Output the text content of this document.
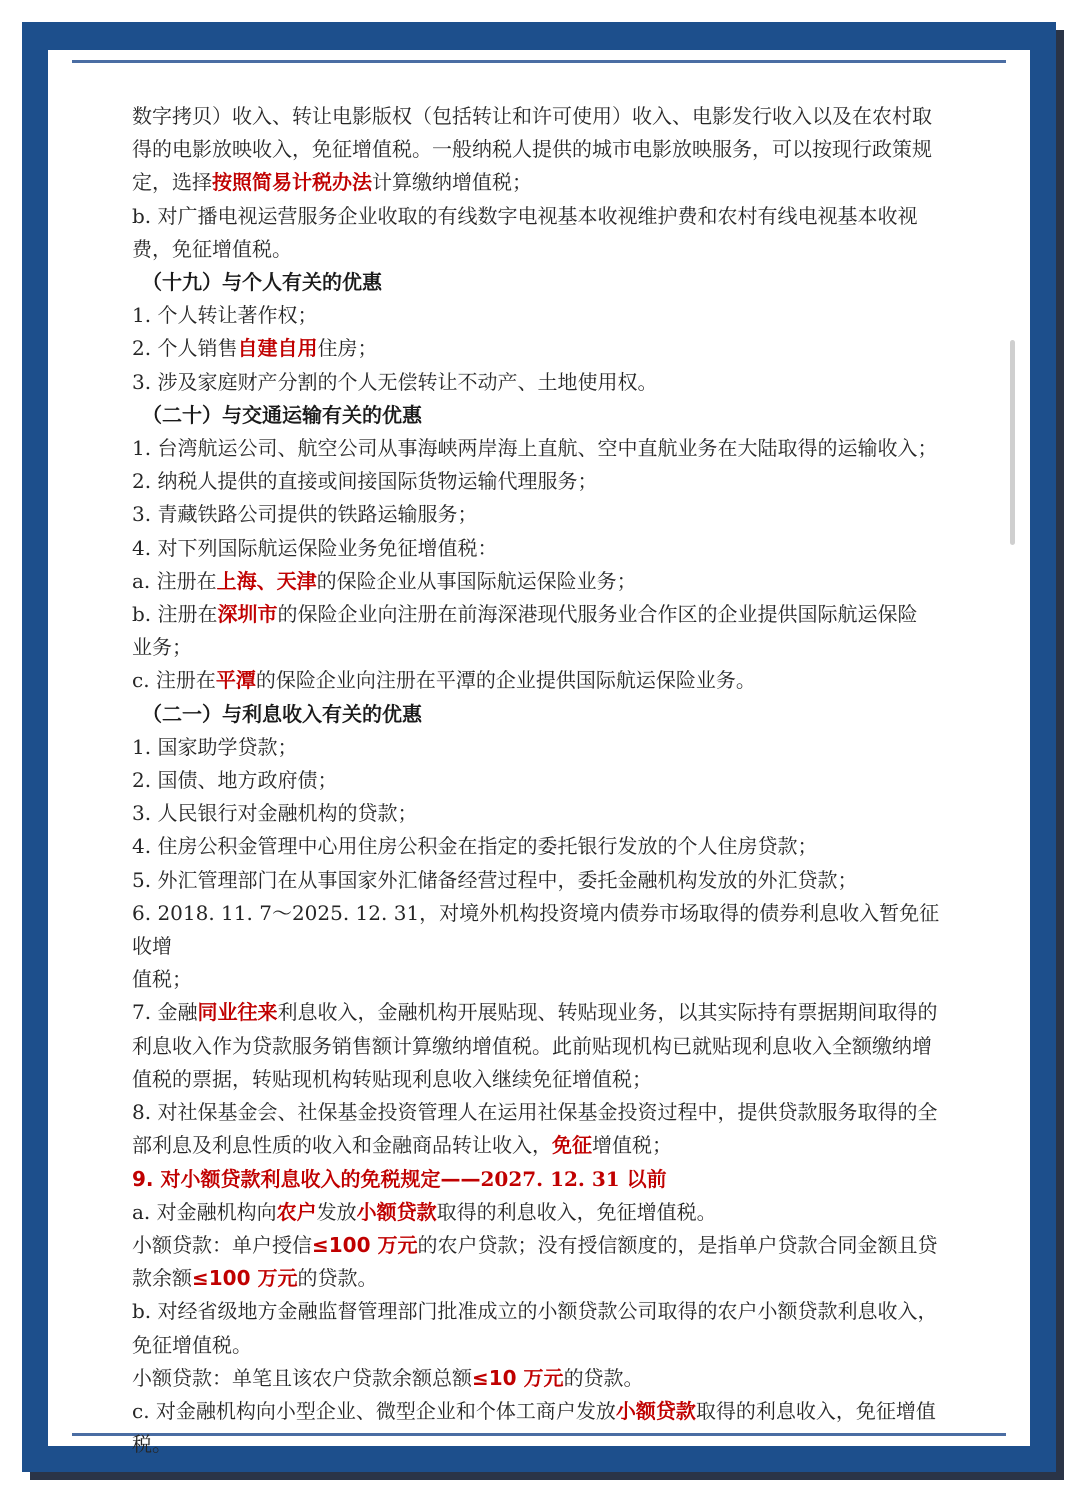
数字拷贝）收入、转让电影版权（包括转让和许可使用）收入、电影发行收入以及在农村取

得的电影放映收入，免征增值税。一般纳税人提供的城市电影放映服务，可以按现行政策规

定，选择按照简易计税办法计算缴纳增值税；

b. 对广播电视运营服务企业收取的有线数字电视基本收视维护费和农村有线电视基本收视

费，免征增值税。

（十九）与个人有关的优惠

1. 个人转让著作权；

2. 个人销售自建自用住房；

3. 涉及家庭财产分割的个人无偿转让不动产、土地使用权。

（二十）与交通运输有关的优惠

1. 台湾航运公司、航空公司从事海峡两岸海上直航、空中直航业务在大陆取得的运输收入；

2. 纳税人提供的直接或间接国际货物运输代理服务；

3. 青藏铁路公司提供的铁路运输服务；

4. 对下列国际航运保险业务免征增值税：

a. 注册在上海、天津的保险企业从事国际航运保险业务；

b. 注册在深圳市的保险企业向注册在前海深港现代服务业合作区的企业提供国际航运保险

业务；

c. 注册在平潭的保险企业向注册在平潭的企业提供国际航运保险业务。

（二一）与利息收入有关的优惠

1. 国家助学贷款；

2. 国债、地方政府债；

3. 人民银行对金融机构的贷款；

4. 住房公积金管理中心用住房公积金在指定的委托银行发放的个人住房贷款；

5. 外汇管理部门在从事国家外汇储备经营过程中，委托金融机构发放的外汇贷款；

6. 2018. 11. 7～2025. 12. 31，对境外机构投资境内债券市场取得的债券利息收入暂免征收增

值税；

7. 金融同业往来利息收入，金融机构开展贴现、转贴现业务，以其实际持有票据期间取得的

利息收入作为贷款服务销售额计算缴纳增值税。此前贴现机构已就贴现利息收入全额缴纳增

值税的票据，转贴现机构转贴现利息收入继续免征增值税；

8. 对社保基金会、社保基金投资管理人在运用社保基金投资过程中，提供贷款服务取得的全

部利息及利息性质的收入和金融商品转让收入，免征增值税；

9. 对小额贷款利息收入的免税规定——2027. 12. 31 以前

a. 对金融机构向农户发放小额贷款取得的利息收入，免征增值税。

小额贷款：单户授信≤100 万元的农户贷款；没有授信额度的，是指单户贷款合同金额且贷

款余额≤100 万元的贷款。

b. 对经省级地方金融监督管理部门批准成立的小额贷款公司取得的农户小额贷款利息收入，

免征增值税。

小额贷款：单笔且该农户贷款余额总额≤10 万元的贷款。

c. 对金融机构向小型企业、微型企业和个体工商户发放小额贷款取得的利息收入，免征增值

税。
